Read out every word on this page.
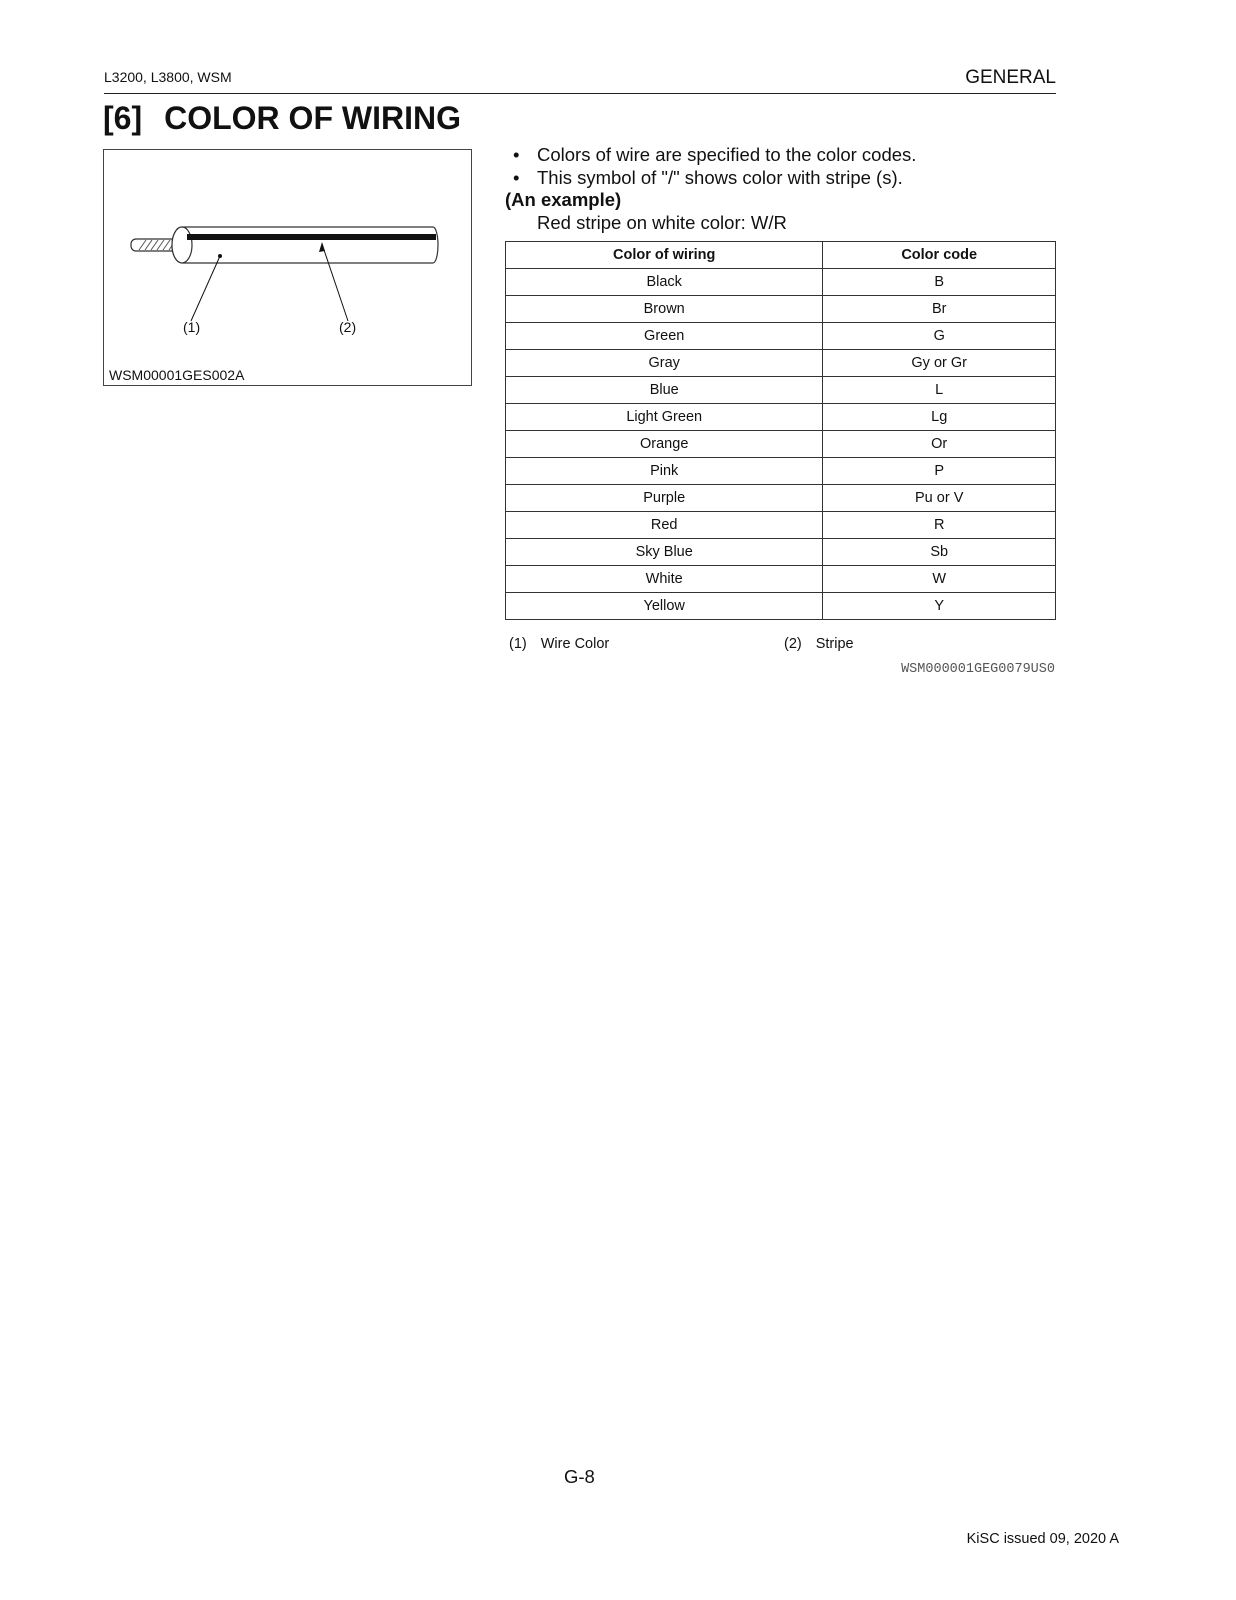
L3200, L3800, WSM	GENERAL
[6] COLOR OF WIRING
(1)	(2)
WSM00001GES002A
• Colors of wire are specified to the color codes.
• This symbol of "/" shows color with stripe (s).
(An example)
Red stripe on white color: W/R
Color of wiring	Color code
Black	B
Brown	Br
Green	G
Gray	Gy or Gr
Blue	L
Light Green	Lg
Orange	Or
Pink	P
Purple	Pu or V
Red	R
Sky Blue	Sb
White	W
Yellow	Y
(1) Wire Color	(2) Stripe
WSM000001GEG0079US0
G-8
KiSC issued 09, 2020 A
